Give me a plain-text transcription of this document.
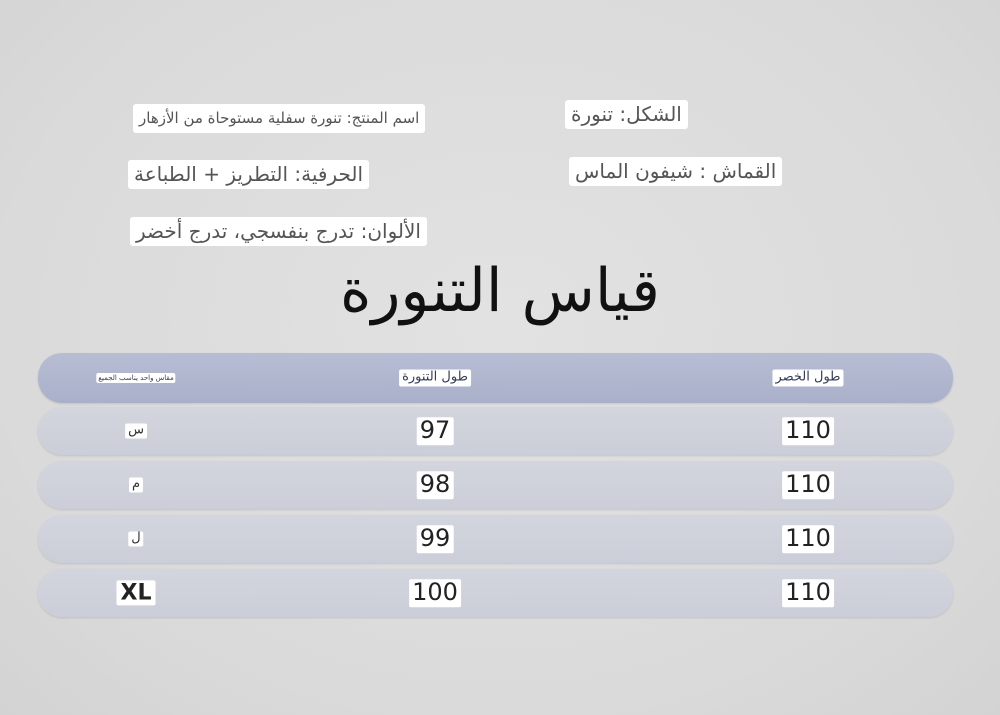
اسم المنتج: تنورة سفلية مستوحاة من الأزهار	الشكل: تنورة
الحرفية: التطريز + الطباعة	القماش : شيفون الماس
الألوان: تدرج بنفسجي، تدرج أخضر
قياس التنورة
طول الخصر
طول التنورة
مقاس واحد يناسب الجميع
110
97
س
110
98
م
110
99
ل
110
100
XL
